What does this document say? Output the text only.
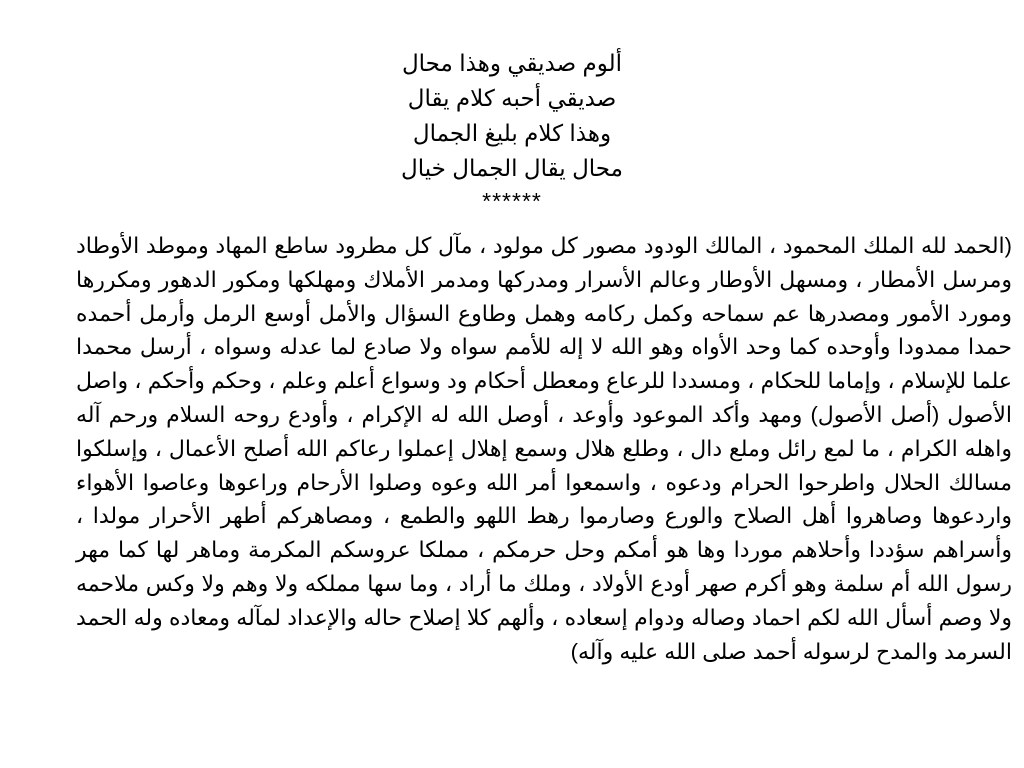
ألوم صديقي وهذا محال
صديقي أحبه كلام يقال
وهذا كلام بليغ الجمال
محال يقال الجمال خيال
******
(الحمد لله الملك المحمود ، المالك الودود مصور كل مولود ، مآل كل مطرود ساطع المهاد وموطد الأوطاد ومرسل الأمطار ، ومسهل الأوطار وعالم الأسرار ومدركها ومدمر الأملاك ومهلكها ومكور الدهور ومكررها ومورد الأمور ومصدرها عم سماحه وكمل ركامه وهمل وطاوع السؤال والأمل أوسع الرمل وأرمل أحمده حمدا ممدودا وأوحده كما وحد الأواه وهو الله لا إله للأمم سواه ولا صادع لما عدله وسواه ، أرسل محمدا علما للإسلام ، وإماما للحكام ، ومسددا للرعاع ومعطل أحكام ود وسواع أعلم وعلم ، وحكم وأحكم ، واصل الأصول (أصل الأصول) ومهد وأكد الموعود وأوعد ، أوصل الله له الإكرام ، وأودع روحه السلام ورحم آله واهله الكرام ، ما لمع رائل وملع دال ، وطلع هلال وسمع إهلال إعملوا رعاكم الله أصلح الأعمال ، وإسلكوا مسالك الحلال واطرحوا الحرام ودعوه ، واسمعوا أمر الله وعوه وصلوا الأرحام وراعوها وعاصوا الأهواء واردعوها وصاهروا أهل الصلاح والورع وصارموا رهط اللهو والطمع ، ومصاهركم أطهر الأحرار مولدا ، وأسراهم سؤددا وأحلاهم موردا وها هو أمكم وحل حرمكم ، مملكا عروسكم المكرمة وماهر لها كما مهر رسول الله أم سلمة وهو أكرم صهر أودع الأولاد ، وملك ما أراد ، وما سها مملكه ولا وهم ولا وكس ملاحمه ولا وصم أسأل الله لكم احماد وصاله ودوام إسعاده ، وألهم كلا إصلاح حاله والإعداد لمآله ومعاده وله الحمد السرمد والمدح لرسوله أحمد صلى الله عليه وآله)
